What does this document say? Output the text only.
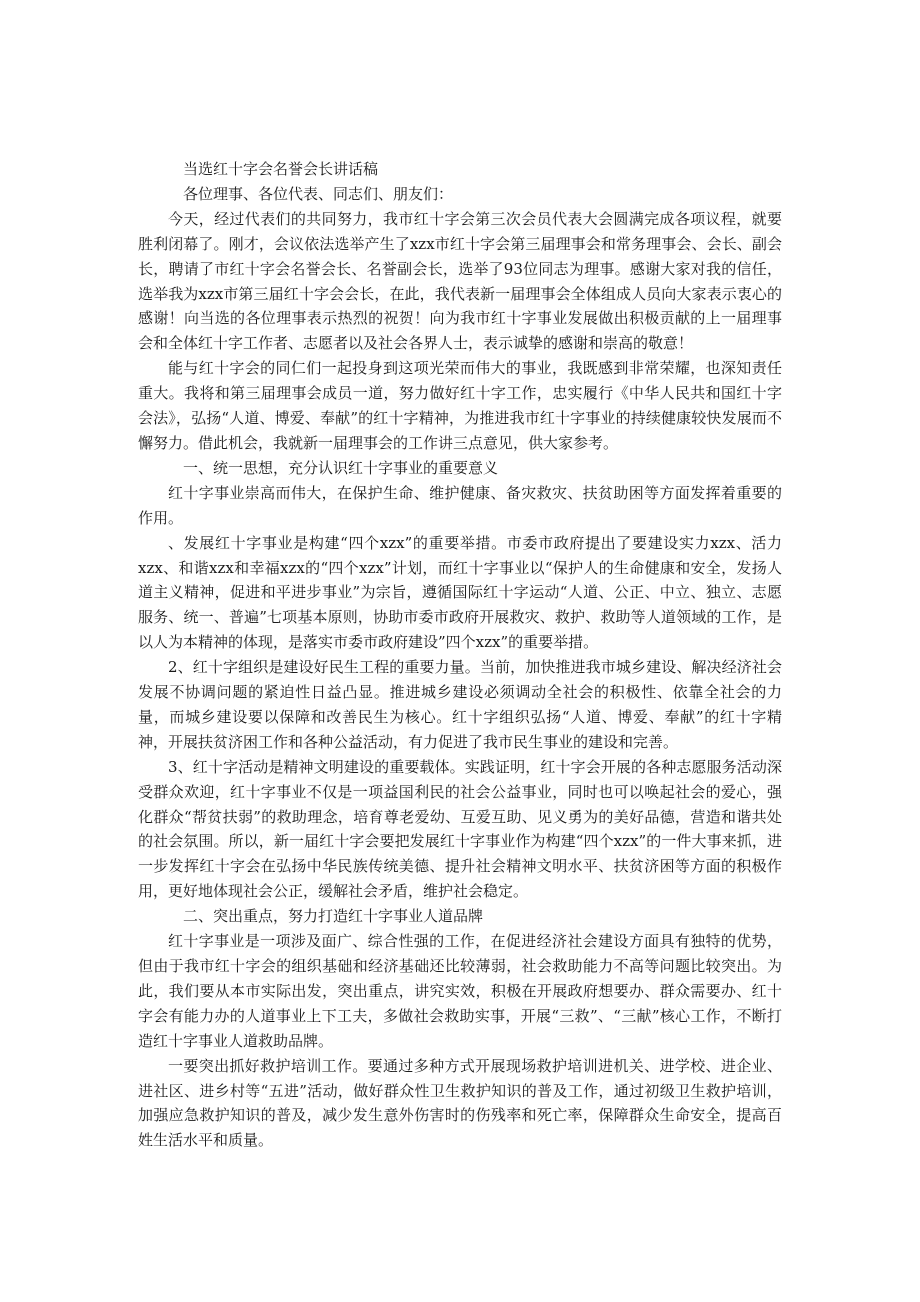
当选红十字会名誉会长讲话稿

各位理事、各位代表、同志们、朋友们：

今天，经过代表们的共同努力，我市红十字会第三次会员代表大会圆满完成各项议程，就要胜利闭幕了。刚才，会议依法选举产生了xzx市红十字会第三届理事会和常务理事会、会长、副会长，聘请了市红十字会名誉会长、名誉副会长，选举了93位同志为理事。感谢大家对我的信任，选举我为xzx市第三届红十字会会长，在此，我代表新一届理事会全体组成人员向大家表示衷心的感谢！向当选的各位理事表示热烈的祝贺！向为我市红十字事业发展做出积极贡献的上一届理事会和全体红十字工作者、志愿者以及社会各界人士，表示诚挚的感谢和崇高的敬意！

能与红十字会的同仁们一起投身到这项光荣而伟大的事业，我既感到非常荣耀，也深知责任重大。我将和第三届理事会成员一道，努力做好红十字工作，忠实履行《中华人民共和国红十字会法》，弘扬“人道、博爱、奉献”的红十字精神，为推进我市红十字事业的持续健康较快发展而不懈努力。借此机会，我就新一届理事会的工作讲三点意见，供大家参考。

一、统一思想，充分认识红十字事业的重要意义

红十字事业崇高而伟大，在保护生命、维护健康、备灾救灾、扶贫助困等方面发挥着重要的作用。

、发展红十字事业是构建“四个xzx”的重要举措。市委市政府提出了要建设实力xzx、活力xzx、和谐xzx和幸福xzx的“四个xzx”计划，而红十字事业以“保护人的生命健康和安全，发扬人道主义精神，促进和平进步事业”为宗旨，遵循国际红十字运动“人道、公正、中立、独立、志愿服务、统一、普遍”七项基本原则，协助市委市政府开展救灾、救护、救助等人道领域的工作，是以人为本精神的体现，是落实市委市政府建设”四个xzx”的重要举措。

2、红十字组织是建设好民生工程的重要力量。当前，加快推进我市城乡建设、解决经济社会发展不协调问题的紧迫性日益凸显。推进城乡建设必须调动全社会的积极性、依靠全社会的力量，而城乡建设要以保障和改善民生为核心。红十字组织弘扬“人道、博爱、奉献”的红十字精神，开展扶贫济困工作和各种公益活动，有力促进了我市民生事业的建设和完善。

3、红十字活动是精神文明建设的重要载体。实践证明，红十字会开展的各种志愿服务活动深受群众欢迎，红十字事业不仅是一项益国利民的社会公益事业，同时也可以唤起社会的爱心，强化群众“帮贫扶弱”的救助理念，培育尊老爱幼、互爱互助、见义勇为的美好品德，营造和谐共处的社会氛围。所以，新一届红十字会要把发展红十字事业作为构建“四个xzx”的一件大事来抓，进一步发挥红十字会在弘扬中华民族传统美德、提升社会精神文明水平、扶贫济困等方面的积极作用，更好地体现社会公正，缓解社会矛盾，维护社会稳定。

二、突出重点，努力打造红十字事业人道品牌

红十字事业是一项涉及面广、综合性强的工作，在促进经济社会建设方面具有独特的优势，但由于我市红十字会的组织基础和经济基础还比较薄弱，社会救助能力不高等问题比较突出。为此，我们要从本市实际出发，突出重点，讲究实效，积极在开展政府想要办、群众需要办、红十字会有能力办的人道事业上下工夫，多做社会救助实事，开展“三救”、“三献”核心工作，不断打造红十字事业人道救助品牌。

一要突出抓好救护培训工作。要通过多种方式开展现场救护培训进机关、进学校、进企业、进社区、进乡村等“五进”活动，做好群众性卫生救护知识的普及工作，通过初级卫生救护培训，加强应急救护知识的普及，减少发生意外伤害时的伤残率和死亡率，保障群众生命安全，提高百姓生活水平和质量。
